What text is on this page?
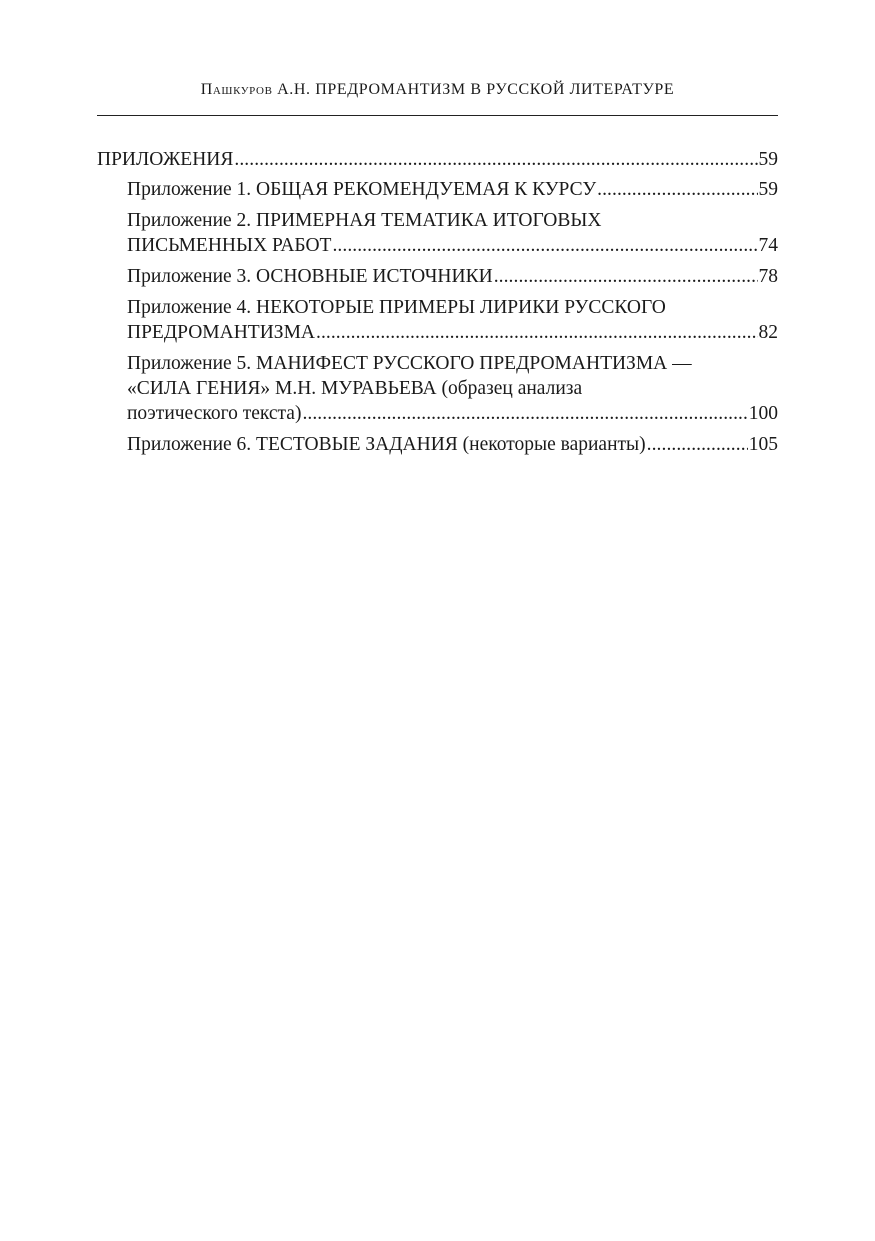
Пашкуров А.Н. ПРЕДРОМАНТИЗМ В РУССКОЙ ЛИТЕРАТУРЕ
ПРИЛОЖЕНИЯ . . .	59
Приложение 1. ОБЩАЯ РЕКОМЕНДУЕМАЯ К КУРСУ . . .	59
Приложение 2. ПРИМЕРНАЯ ТЕМАТИКА ИТОГОВЫХ
ПИСЬМЕННЫХ РАБОТ . . .	74
Приложение 3. ОСНОВНЫЕ ИСТОЧНИКИ . . .	78
Приложение 4. НЕКОТОРЫЕ ПРИМЕРЫ ЛИРИКИ РУССКОГО
ПРЕДРОМАНТИЗМА . . .	82
Приложение 5. МАНИФЕСТ РУССКОГО ПРЕДРОМАНТИЗМА —
«СИЛА ГЕНИЯ» М.Н. МУРАВЬЕВА (образец анализа
поэтического текста) . . .	100
Приложение 6. ТЕСТОВЫЕ ЗАДАНИЯ (некоторые варианты) . . .	105
